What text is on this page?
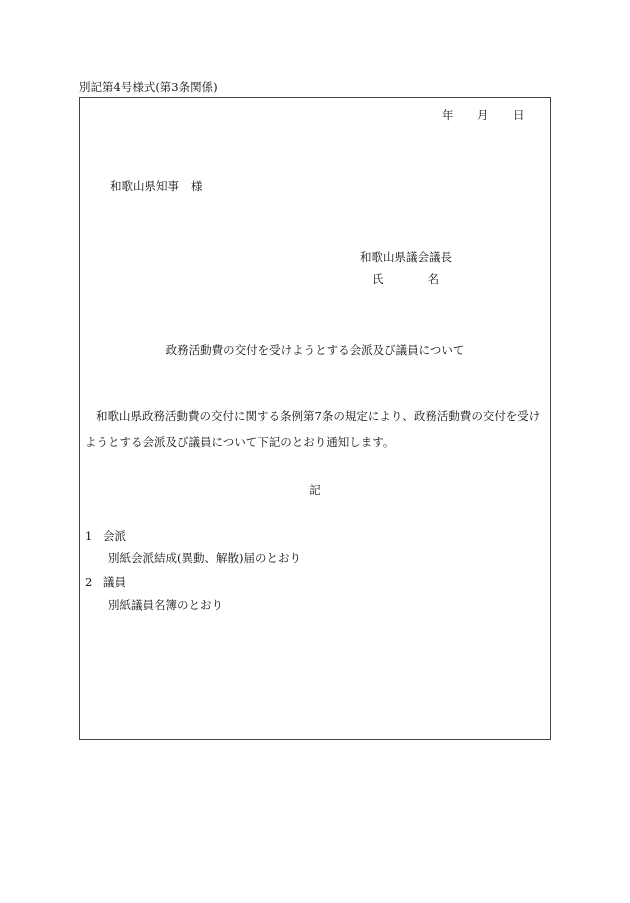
別記第4号様式(第3条関係)
年 月 日
和歌山県知事 様
和歌山県議会議長
氏	名
政務活動費の交付を受けようとする会派及び議員について
和歌山県政務活動費の交付に関する条例第7条の規定により、政務活動費の交付を受け
ようとする会派及び議員について下記のとおり通知します。
記
1 会派
別紙会派結成(異動、解散)届のとおり
2 議員
別紙議員名簿のとおり
